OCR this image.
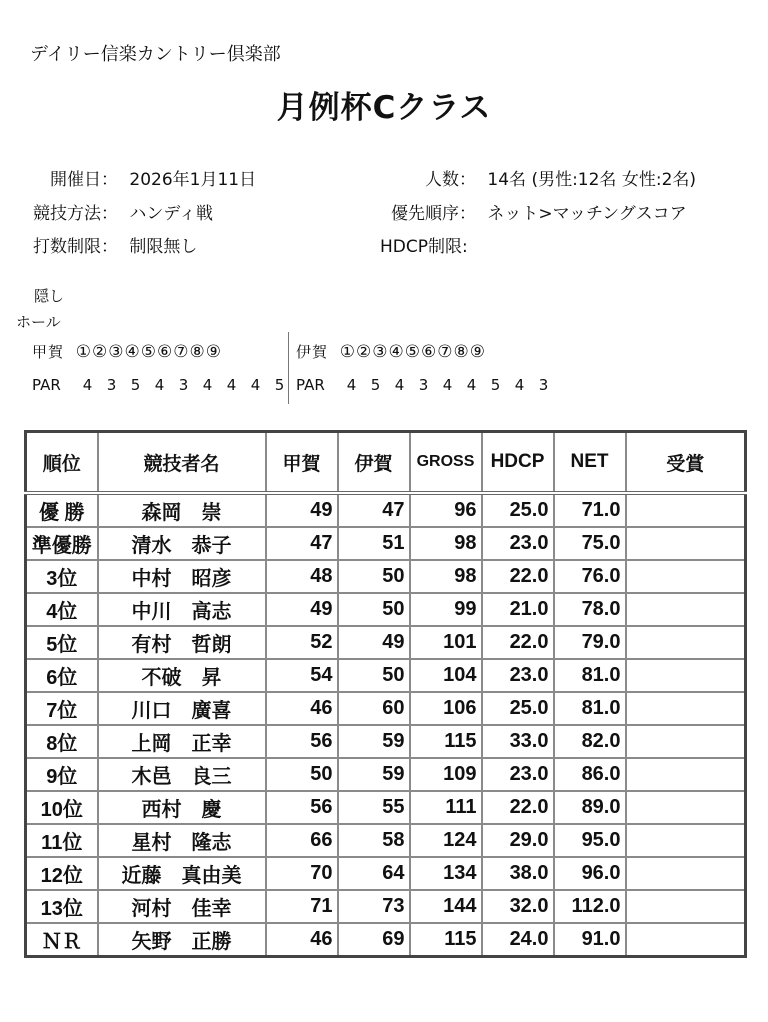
デイリー信楽カントリー倶楽部
月例杯Cクラス
開催日： 2026年1月11日	人数： 14名 (男性:12名 女性:2名)
競技方法： ハンディ戦	優先順序： ネット>マッチングスコア
打数制限： 制限無し	HDCP制限:
隠し
ホール
甲賀 ①②③④⑤⑥⑦⑧⑨	伊賀 ①②③④⑤⑥⑦⑧⑨
PAR 4 3 5 4 3 4 4 4 5 PAR 4 5 4 3 4 4 5 4 3
順位	競技者名	甲賀	伊賀	GROSS	HDCP	NET	受賞
優 勝	森岡　崇	49	47	96	25.0	71.0	
準優勝	清水　恭子	47	51	98	23.0	75.0	
3位	中村　昭彦	48	50	98	22.0	76.0	
4位	中川　高志	49	50	99	21.0	78.0	
5位	有村　哲朗	52	49	101	22.0	79.0	
6位	不破　昇	54	50	104	23.0	81.0	
7位	川口　廣喜	46	60	106	25.0	81.0	
8位	上岡　正幸	56	59	115	33.0	82.0	
9位	木邑　良三	50	59	109	23.0	86.0	
10位	西村　慶	56	55	111	22.0	89.0	
11位	星村　隆志	66	58	124	29.0	95.0	
12位	近藤　真由美	70	64	134	38.0	96.0	
13位	河村　佳幸	71	73	144	32.0	112.0	
ＮＲ	矢野　正勝	46	69	115	24.0	91.0	
